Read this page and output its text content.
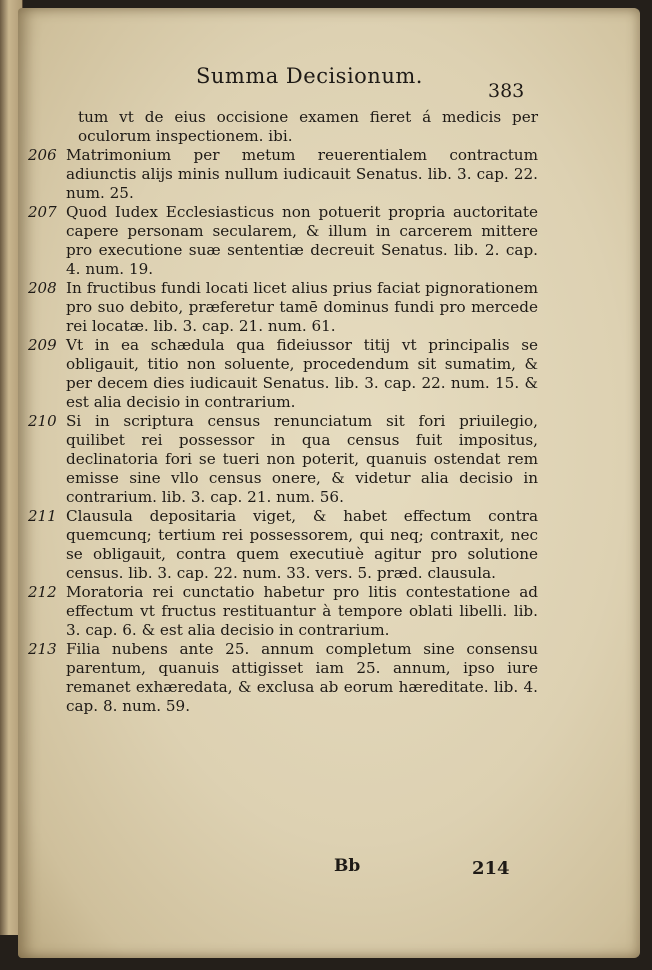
Summa Decisionum.
383
tum vt de eius occisione examen fieret á medicis per oculorum inspectionem. ibi.
206 Matrimonium per metum reuerentialem contractum adiunctis alijs minis nullum iudicauit Senatus. lib. 3. cap. 22. num. 25.
207 Quod Iudex Ecclesiasticus non potuerit propria auctoritate capere personam secularem, & illum in carcerem mittere pro executione suæ sententiæ decreuit Senatus. lib. 2. cap. 4. num. 19.
208 In fructibus fundi locati licet alius prius faciat pignorationem pro suo debito, præferetur tamē dominus fundi pro mercede rei locatæ. lib. 3. cap. 21. num. 61.
209 Vt in ea schædula qua fideiussor titij vt principalis se obligauit, titio non soluente, procedendum sit sumatim, & per decem dies iudicauit Senatus. lib. 3. cap. 22. num. 15. & est alia decisio in contrarium.
210 Si in scriptura census renunciatum sit fori priuilegio, quilibet rei possessor in qua census fuit impositus, declinatoria fori se tueri non poterit, quanuis ostendat rem emisse sine vllo census onere, & videtur alia decisio in contrarium. lib. 3. cap. 21. num. 56.
211 Clausula depositaria viget, & habet effectum contra quemcunq; tertium rei possessorem, qui neq; contraxit, nec se obligauit, contra quem executiuè agitur pro solutione census. lib. 3. cap. 22. num. 33. vers. 5. præd. clausula.
212 Moratoria rei cunctatio habetur pro litis contestatione ad effectum vt fructus restituantur à tempore oblati libelli. lib. 3. cap. 6. & est alia decisio in contrarium.
213 Filia nubens ante 25. annum completum sine consensu parentum, quanuis attigisset iam 25. annum, ipso iure remanet exhæredata, & exclusa ab eorum hæreditate. lib. 4. cap. 8. num. 59.
Bb	214
